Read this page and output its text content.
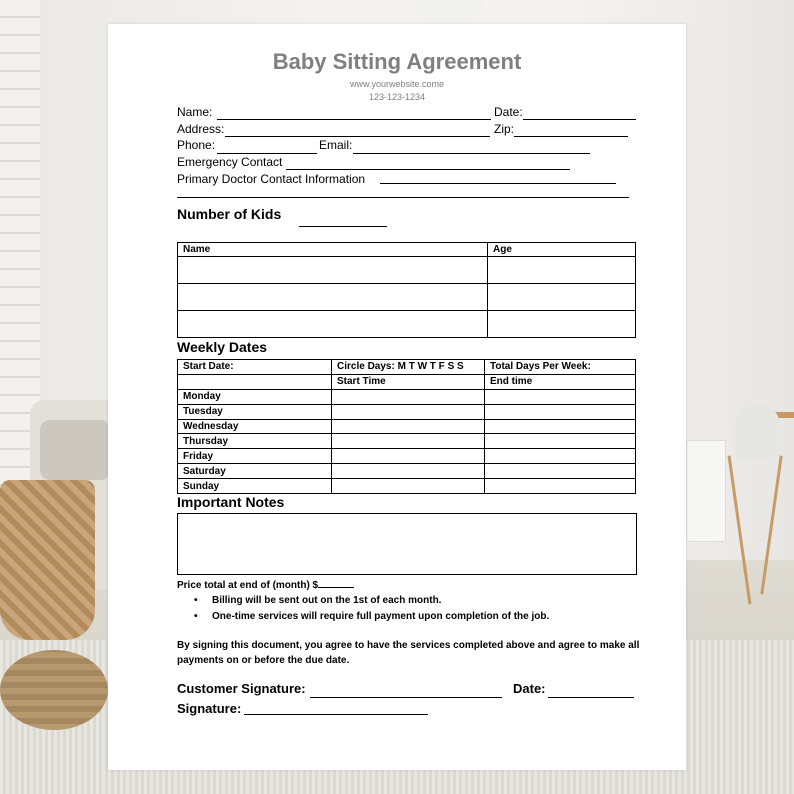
Baby Sitting Agreement
www.yourwebsite.come
123-123-1234
Name:	Date:
Address:	Zip:
Phone:	Email:
Emergency Contact
Primary Doctor Contact Information
Number of Kids
Name	Age

Weekly Dates
Start Date:	Circle Days: M T W T F S S	Total Days Per Week:
	Start Time	End time
Monday		
Tuesday		
Wednesday		
Thursday		
Friday		
Saturday		
Sunday		
Important Notes
Price total at end of (month) $
• Billing will be sent out on the 1st of each month.
• One-time services will require full payment upon completion of the job.
By signing this document, you agree to have the services completed above and agree to make all payments on or before the due date.
Customer Signature:	Date:
Signature:
